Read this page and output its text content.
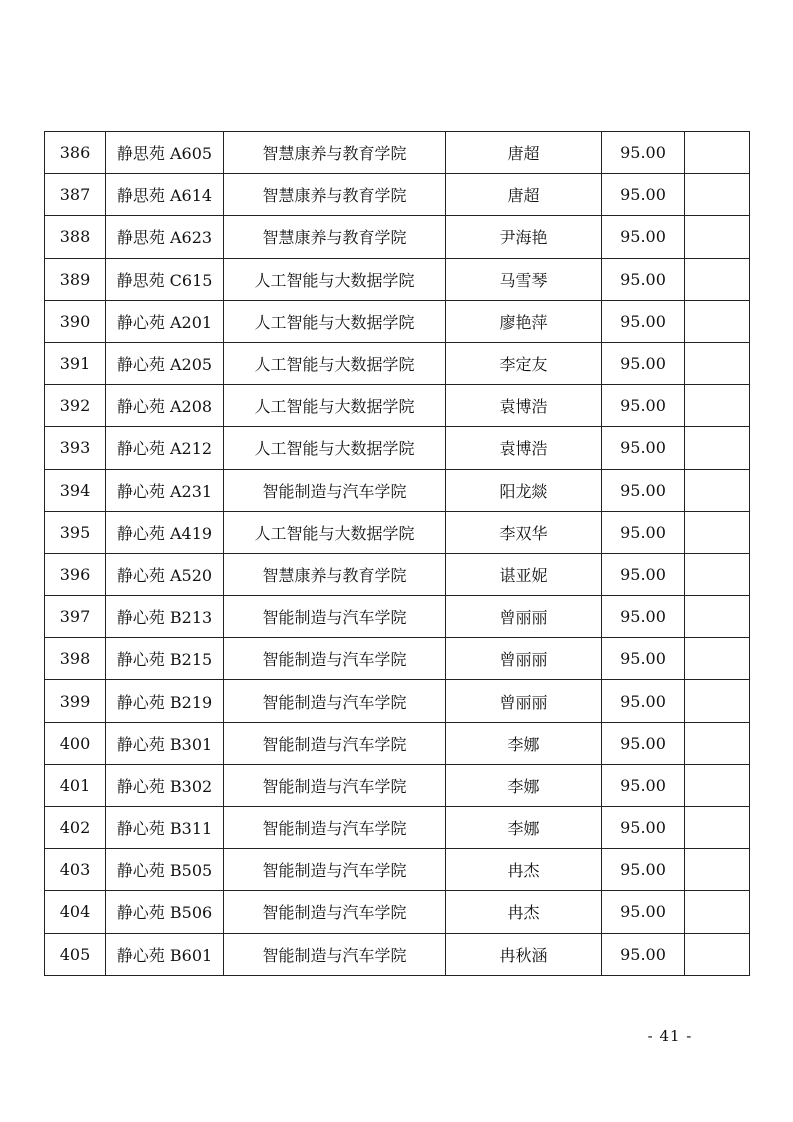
386	静思苑 A605	智慧康养与教育学院	唐超	95.00	
387	静思苑 A614	智慧康养与教育学院	唐超	95.00	
388	静思苑 A623	智慧康养与教育学院	尹海艳	95.00	
389	静思苑 C615	人工智能与大数据学院	马雪琴	95.00	
390	静心苑 A201	人工智能与大数据学院	廖艳萍	95.00	
391	静心苑 A205	人工智能与大数据学院	李定友	95.00	
392	静心苑 A208	人工智能与大数据学院	袁博浩	95.00	
393	静心苑 A212	人工智能与大数据学院	袁博浩	95.00	
394	静心苑 A231	智能制造与汽车学院	阳龙燚	95.00	
395	静心苑 A419	人工智能与大数据学院	李双华	95.00	
396	静心苑 A520	智慧康养与教育学院	谌亚妮	95.00	
397	静心苑 B213	智能制造与汽车学院	曾丽丽	95.00	
398	静心苑 B215	智能制造与汽车学院	曾丽丽	95.00	
399	静心苑 B219	智能制造与汽车学院	曾丽丽	95.00	
400	静心苑 B301	智能制造与汽车学院	李娜	95.00	
401	静心苑 B302	智能制造与汽车学院	李娜	95.00	
402	静心苑 B311	智能制造与汽车学院	李娜	95.00	
403	静心苑 B505	智能制造与汽车学院	冉杰	95.00	
404	静心苑 B506	智能制造与汽车学院	冉杰	95.00	
405	静心苑 B601	智能制造与汽车学院	冉秋涵	95.00	
- 41 -
